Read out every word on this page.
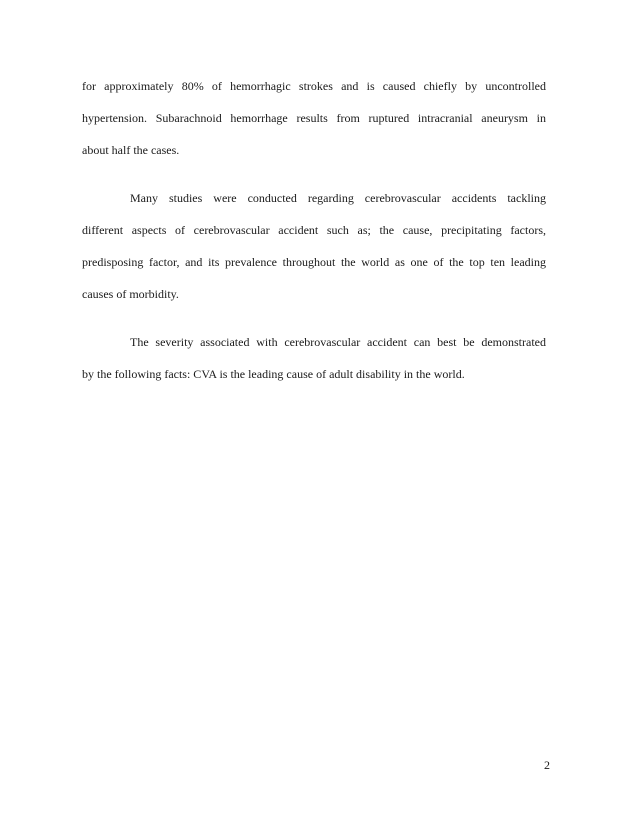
for approximately 80% of hemorrhagic strokes and is caused chiefly by uncontrolled
hypertension. Subarachnoid hemorrhage results from ruptured intracranial aneurysm in
about half the cases.

Many studies were conducted regarding cerebrovascular accidents tackling
different aspects of cerebrovascular accident such as; the cause, precipitating factors,
predisposing factor, and its prevalence throughout the world as one of the top ten leading
causes of morbidity.

The severity associated with cerebrovascular accident can best be demonstrated
by the following facts: CVA is the leading cause of adult disability in the world.

2
